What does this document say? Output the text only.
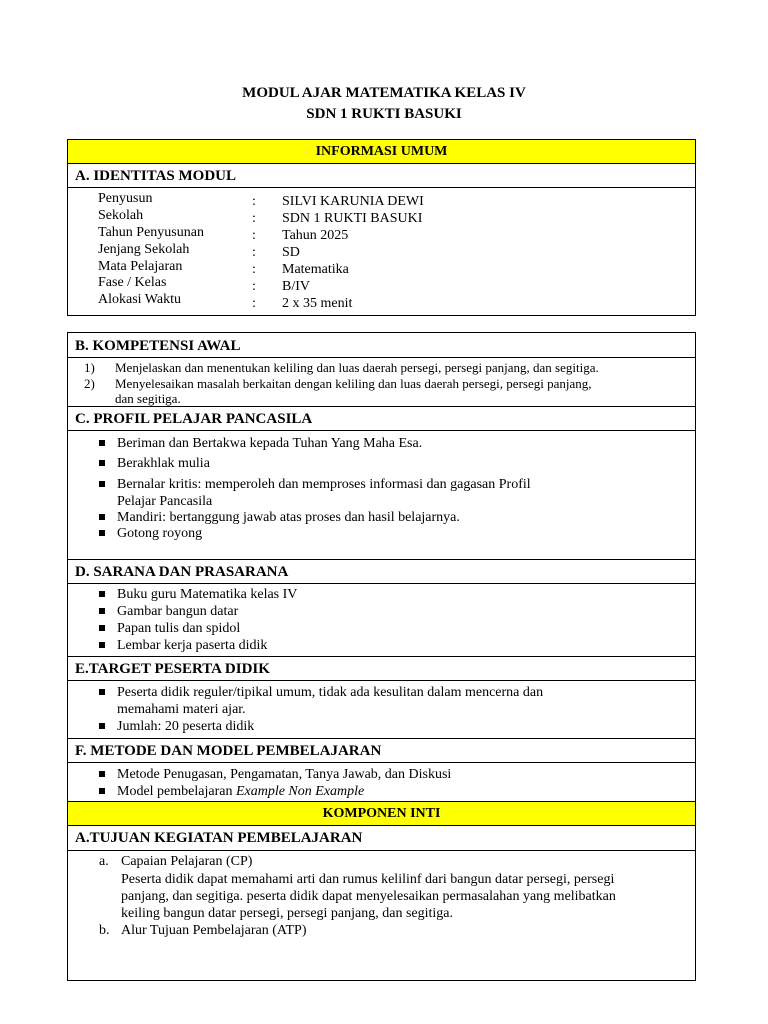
MODUL AJAR MATEMATIKA KELAS IV
SDN 1 RUKTI BASUKI
INFORMASI UMUM
A. IDENTITAS MODUL
Penyusun	: SILVI KARUNIA DEWI
Sekolah	: SDN 1 RUKTI BASUKI
Tahun Penyusunan	: Tahun 2025
Jenjang Sekolah	: SD
Mata Pelajaran	: Matematika
Fase / Kelas	: B/IV
Alokasi Waktu	: 2 x 35 menit
B. KOMPETENSI AWAL
1) Menjelaskan dan menentukan keliling dan luas daerah persegi, persegi panjang, dan segitiga.
2) Menyelesaikan masalah berkaitan dengan keliling dan luas daerah persegi, persegi panjang,
dan segitiga.
C. PROFIL PELAJAR PANCASILA
Beriman dan Bertakwa kepada Tuhan Yang Maha Esa.
Berakhlak mulia
Bernalar kritis: memperoleh dan memproses informasi dan gagasan Profil
Pelajar Pancasila
Mandiri: bertanggung jawab atas proses dan hasil belajarnya.
Gotong royong
D. SARANA DAN PRASARANA
Buku guru Matematika kelas IV
Gambar bangun datar
Papan tulis dan spidol
Lembar kerja paserta didik
E.TARGET PESERTA DIDIK
Peserta didik reguler/tipikal umum, tidak ada kesulitan dalam mencerna dan
memahami materi ajar.
Jumlah: 20 peserta didik
F. METODE DAN MODEL PEMBELAJARAN
Metode Penugasan, Pengamatan, Tanya Jawab, dan Diskusi
Model pembelajaran Example Non Example
KOMPONEN INTI
A.TUJUAN KEGIATAN PEMBELAJARAN
a. Capaian Pelajaran (CP)
Peserta didik dapat memahami arti dan rumus kelilinf dari bangun datar persegi, persegi
panjang, dan segitiga. peserta didik dapat menyelesaikan permasalahan yang melibatkan
keiling bangun datar persegi, persegi panjang, dan segitiga.
b. Alur Tujuan Pembelajaran (ATP)
